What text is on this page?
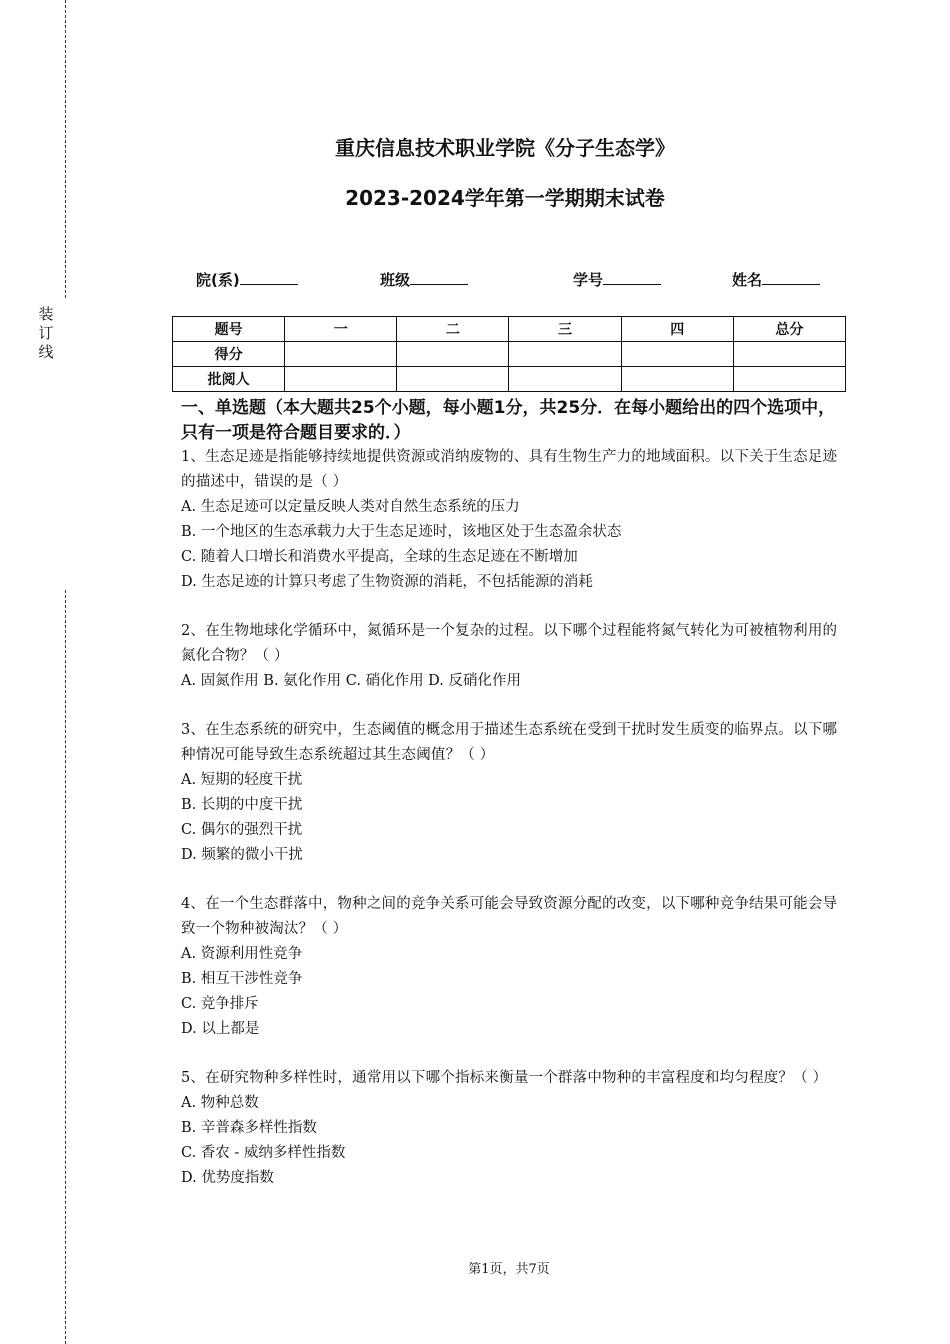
装订线
重庆信息技术职业学院《分子生态学》
2023-2024学年第一学期期末试卷
院(系)	班级	学号	姓名
题号	一	二	三	四	总分
得分					
批阅人					
一、单选题（本大题共25个小题，每小题1分，共25分．在每小题给出的四个选项中，只有一项是符合题目要求的．）
1、生态足迹是指能够持续地提供资源或消纳废物的、具有生物生产力的地域面积。以下关于生态足迹的描述中，错误的是（ ）
A. 生态足迹可以定量反映人类对自然生态系统的压力
B. 一个地区的生态承载力大于生态足迹时，该地区处于生态盈余状态
C. 随着人口增长和消费水平提高，全球的生态足迹在不断增加
D. 生态足迹的计算只考虑了生物资源的消耗，不包括能源的消耗
2、在生物地球化学循环中，氮循环是一个复杂的过程。以下哪个过程能将氮气转化为可被植物利用的氮化合物？（ ）
A. 固氮作用 B. 氨化作用 C. 硝化作用 D. 反硝化作用
3、在生态系统的研究中，生态阈值的概念用于描述生态系统在受到干扰时发生质变的临界点。以下哪种情况可能导致生态系统超过其生态阈值？（ ）
A. 短期的轻度干扰
B. 长期的中度干扰
C. 偶尔的强烈干扰
D. 频繁的微小干扰
4、在一个生态群落中，物种之间的竞争关系可能会导致资源分配的改变，以下哪种竞争结果可能会导致一个物种被淘汰？（ ）
A. 资源利用性竞争
B. 相互干涉性竞争
C. 竞争排斥
D. 以上都是
5、在研究物种多样性时，通常用以下哪个指标来衡量一个群落中物种的丰富程度和均匀程度？（ ）
A. 物种总数
B. 辛普森多样性指数
C. 香农 - 威纳多样性指数
D. 优势度指数
第1页，共7页
